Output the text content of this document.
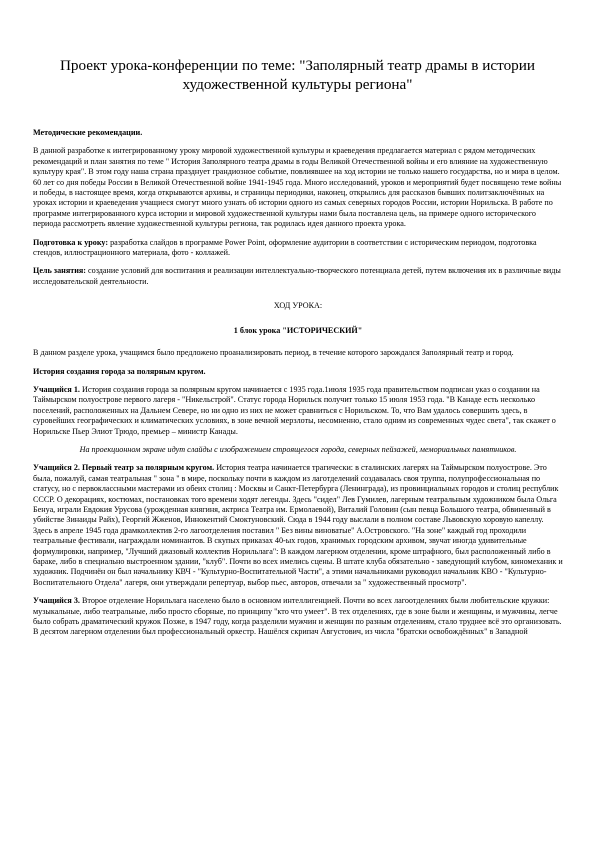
Проект урока-конференции по теме: "Заполярный театр драмы в истории художественной культуры региона"

Методические рекомендации.

В данной разработке к интегрированному уроку мировой художественной культуры и краеведения предлагается материал с рядом методических рекомендаций и план занятия по теме " История Заполярного театра драмы в годы Великой Отечественной войны и его влияние на художественную культуру края". В этом году наша страна празднует грандиозное событие, повлиявшее на ход истории не только нашего государства, но и мира в целом. 60 лет со дня победы России в Великой Отечественной войне 1941-1945 года. Много исследований, уроков и мероприятий будет посвящено теме войны и победы, в настоящее время, когда открываются архивы, и страницы периодики, наконец, открылись для рассказов бывших политзаключённых на уроках истории и краеведения учащиеся смогут много узнать об истории одного из самых северных городов России, истории Норильска. В работе по программе интегрированного курса истории и мировой художественной культуры нами была поставлена цель, на примере одного исторического периода рассмотреть явление художественной культуры региона, так родилась идея данного проекта урока.

Подготовка к уроку: разработка слайдов в программе Power Point, оформление аудитории в соответствии с историческим периодом, подготовка стендов, иллюстрационного материала, фото - коллажей.

Цель занятия: создание условий для воспитания и реализации интеллектуально-творческого потенциала детей, путем включения их в различные виды исследовательской деятельности.

ХОД УРОКА:

1 блок урока "ИСТОРИЧЕСКИЙ"

В данном разделе урока, учащимся было предложено проанализировать период, в течение которого зарождался Заполярный театр и город.

История создания города за полярным кругом.

Учащийся 1. История создания города за полярным кругом начинается с 1935 года.1июля 1935 года правительством подписан указ о создании на Таймырском полуострове первого лагеря - "Никельстрой". Статус города Норильск получит только 15 июля 1953 года. "В Канаде есть несколько поселений, расположенных на Дальнем Севере, но ни одно из них не может сравниться с Норильском. То, что Вам удалось совершить здесь, в суровейших географических и климатических условиях, в зоне вечной мерзлоты, несомненно, стало одним из современных чудес света", так скажет о Норильске Пьер Элиот Трюдо, премьер – министр Канады.

На проекционном экране идут слайды с изображением строящегося города, северных пейзажей, мемориальных памятников.

Учащийся 2. Первый театр за полярным кругом. История театра начинается трагически: в сталинских лагерях на Таймырском полуострове. Это была, пожалуй, самая театральная " зона " в мире, поскольку почти в каждом из лаготделений создавалась своя труппа, полупрофессиональная по статусу, но с первоклассными мастерами из обеих столиц : Москвы и Санкт-Петербурга (Ленинграда), из провинциальных городов и столиц республик СССР. О декорациях, костюмах, постановках того времени ходят легенды. Здесь "сидел" Лев Гумилев, лагерным театральным художником была Ольга Бенуа, играли Евдокия Урусова (урожденная княгиня, актриса Театра им. Ермолаевой), Виталий Головин (сын певца Большого театра, обвиненный в убийстве Зинаиды Райх), Георгий Жженов, Иннокентий Смоктуновский. Сюда в 1944 году выслали в полном составе Львовскую хоровую капеллу. Здесь в апреле 1945 года драмколлектив 2-го лагоотделения поставил " Без вины виноватые" А.Островского. "На зоне" каждый год проходили театральные фестивали, награждали номинантов. В скупых приказах 40-ых годов, хранимых городским архивом, звучат иногда удивительные формулировки, например, "Лучший джазовый коллектив Норильлага": В каждом лагерном отделении, кроме штрафного, был расположенный либо в бараке, либо в специально выстроенном здании, "клуб". Почти во всех имелись сцены. В штате клуба обязательно - заведующий клубом, киномеханик и художник. Подчинён он был начальнику КВЧ - "Культурно-Воспитательной Части", а этими начальниками руководил начальник КВО - "Культурно-Воспитательного Отдела" лагеря, они утверждали репертуар, выбор пьес, авторов, отвечали за " художественный просмотр".

Учащийся 3. Второе отделение Норильлага населено было в основном интеллигенцией. Почти во всех лагоотделениях были любительские кружки: музыкальные, либо театральные, либо просто сборные, по принципу "кто что умеет". В тех отделениях, где в зоне были и женщины, и мужчины, легче было собрать драматический кружок Позже, в 1947 году, когда разделили мужчин и женщин по разным отделениям, стало труднее всё это организовать. В десятом лагерном отделении был профессиональный оркестр. Нашёлся скрипач Августович, из числа "братски освобождённых" в Западной
